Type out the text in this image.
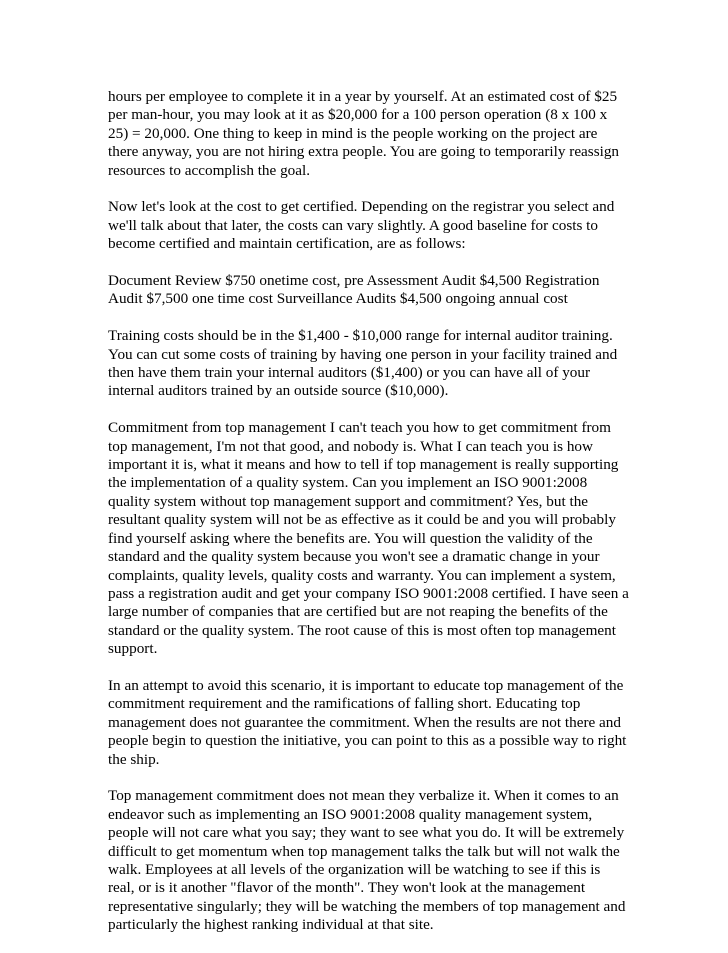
hours per employee to complete it in a year by yourself. At an estimated cost of $25 per man-hour, you may look at it as $20,000 for a 100 person operation (8 x 100 x 25) = 20,000. One thing to keep in mind is the people working on the project are there anyway, you are not hiring extra people. You are going to temporarily reassign resources to accomplish the goal.

Now let's look at the cost to get certified. Depending on the registrar you select and we'll talk about that later, the costs can vary slightly. A good baseline for costs to become certified and maintain certification, are as follows:

Document Review $750 onetime cost, pre Assessment Audit $4,500 Registration Audit $7,500 one time cost Surveillance Audits $4,500 ongoing annual cost

Training costs should be in the $1,400 - $10,000 range for internal auditor training. You can cut some costs of training by having one person in your facility trained and then have them train your internal auditors ($1,400) or you can have all of your internal auditors trained by an outside source ($10,000).

Commitment from top management I can't teach you how to get commitment from top management, I'm not that good, and nobody is. What I can teach you is how important it is, what it means and how to tell if top management is really supporting the implementation of a quality system. Can you implement an ISO 9001:2008 quality system without top management support and commitment? Yes, but the resultant quality system will not be as effective as it could be and you will probably find yourself asking where the benefits are. You will question the validity of the standard and the quality system because you won't see a dramatic change in your complaints, quality levels, quality costs and warranty. You can implement a system, pass a registration audit and get your company ISO 9001:2008 certified. I have seen a large number of companies that are certified but are not reaping the benefits of the standard or the quality system. The root cause of this is most often top management support.

In an attempt to avoid this scenario, it is important to educate top management of the commitment requirement and the ramifications of falling short. Educating top management does not guarantee the commitment. When the results are not there and people begin to question the initiative, you can point to this as a possible way to right the ship.

Top management commitment does not mean they verbalize it. When it comes to an endeavor such as implementing an ISO 9001:2008 quality management system, people will not care what you say; they want to see what you do. It will be extremely difficult to get momentum when top management talks the talk but will not walk the walk. Employees at all levels of the organization will be watching to see if this is real, or is it another "flavor of the month". They won't look at the management representative singularly; they will be watching the members of top management and particularly the highest ranking individual at that site.
